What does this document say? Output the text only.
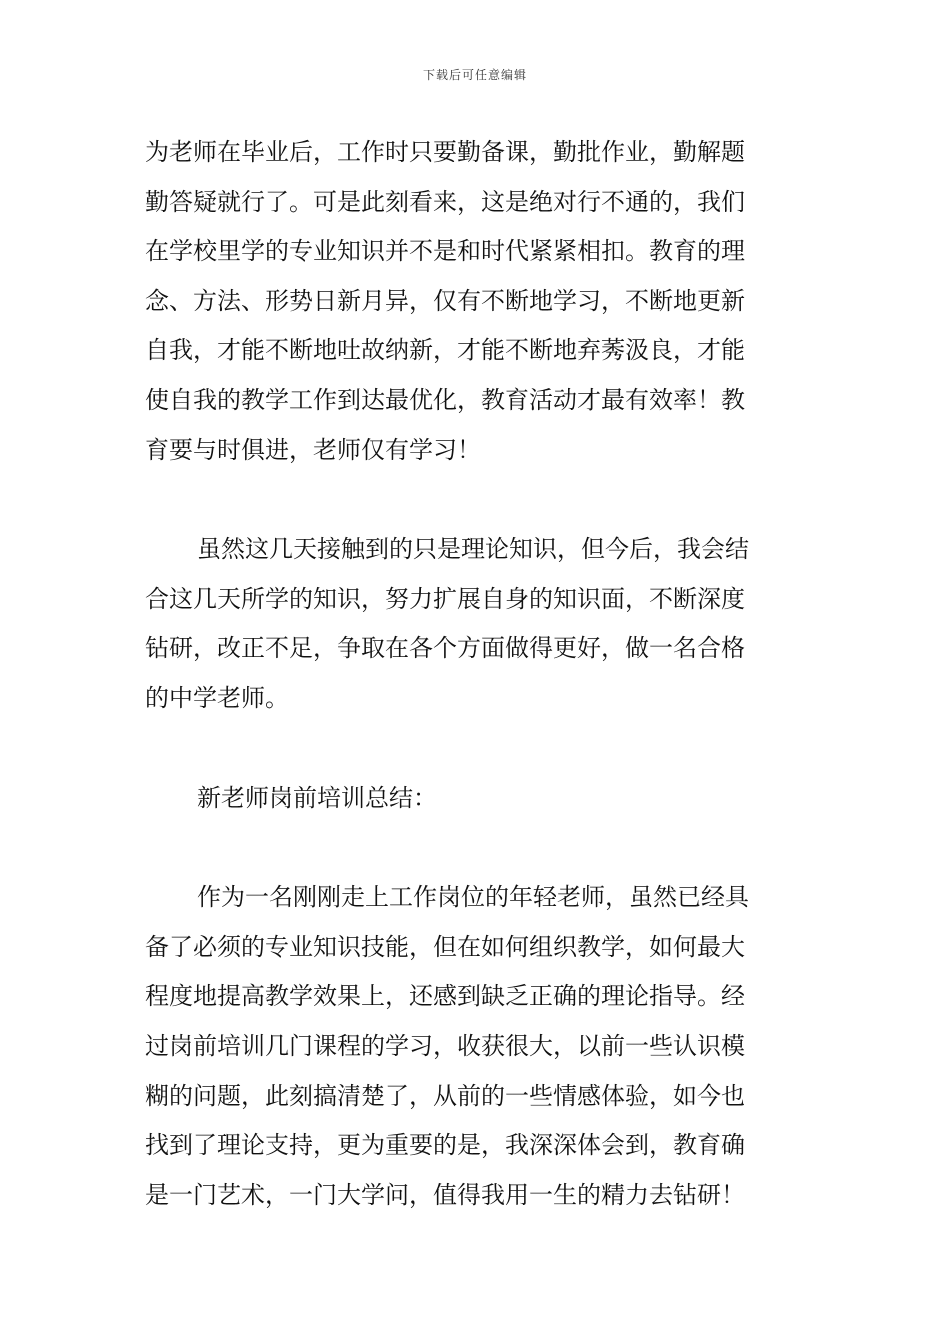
下载后可任意编辑

为老师在毕业后，工作时只要勤备课，勤批作业，勤解题
勤答疑就行了。可是此刻看来，这是绝对行不通的，我们
在学校里学的专业知识并不是和时代紧紧相扣。教育的理
念、方法、形势日新月异，仅有不断地学习，不断地更新
自我，才能不断地吐故纳新，才能不断地弃莠汲良，才能
使自我的教学工作到达最优化，教育活动才最有效率！教
育要与时俱进，老师仅有学习！

虽然这几天接触到的只是理论知识，但今后，我会结
合这几天所学的知识，努力扩展自身的知识面，不断深度
钻研，改正不足，争取在各个方面做得更好，做一名合格
的中学老师。

新老师岗前培训总结：

作为一名刚刚走上工作岗位的年轻老师，虽然已经具
备了必须的专业知识技能，但在如何组织教学，如何最大
程度地提高教学效果上，还感到缺乏正确的理论指导。经
过岗前培训几门课程的学习，收获很大，以前一些认识模
糊的问题，此刻搞清楚了，从前的一些情感体验，如今也
找到了理论支持，更为重要的是，我深深体会到，教育确
是一门艺术，一门大学问，值得我用一生的精力去钻研！
